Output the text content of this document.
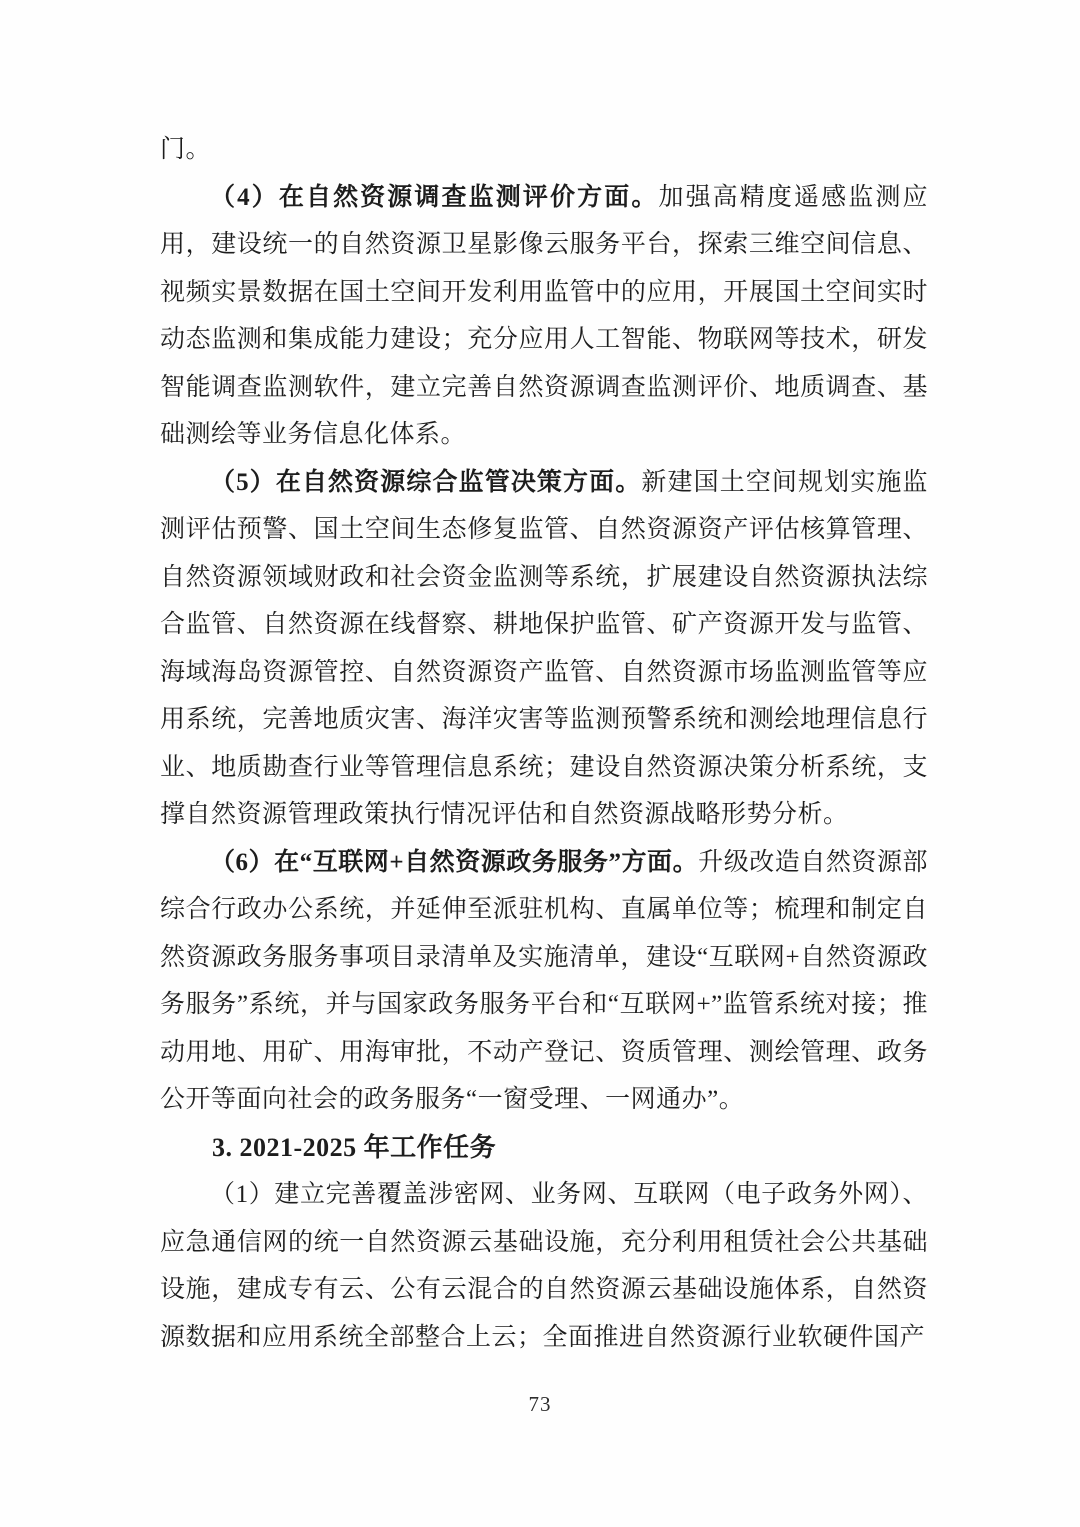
门。

（4）在自然资源调查监测评价方面。加强高精度遥感监测应用，建设统一的自然资源卫星影像云服务平台，探索三维空间信息、视频实景数据在国土空间开发利用监管中的应用，开展国土空间实时动态监测和集成能力建设；充分应用人工智能、物联网等技术，研发智能调查监测软件，建立完善自然资源调查监测评价、地质调查、基础测绘等业务信息化体系。

（5）在自然资源综合监管决策方面。新建国土空间规划实施监测评估预警、国土空间生态修复监管、自然资源资产评估核算管理、自然资源领域财政和社会资金监测等系统，扩展建设自然资源执法综合监管、自然资源在线督察、耕地保护监管、矿产资源开发与监管、海域海岛资源管控、自然资源资产监管、自然资源市场监测监管等应用系统，完善地质灾害、海洋灾害等监测预警系统和测绘地理信息行业、地质勘查行业等管理信息系统；建设自然资源决策分析系统，支撑自然资源管理政策执行情况评估和自然资源战略形势分析。

（6）在“互联网+自然资源政务服务”方面。升级改造自然资源部综合行政办公系统，并延伸至派驻机构、直属单位等；梳理和制定自然资源政务服务事项目录清单及实施清单，建设“互联网+自然资源政务服务”系统，并与国家政务服务平台和“互联网+”监管系统对接；推动用地、用矿、用海审批，不动产登记、资质管理、测绘管理、政务公开等面向社会的政务服务“一窗受理、一网通办”。

3. 2021-2025 年工作任务

（1）建立完善覆盖涉密网、业务网、互联网（电子政务外网）、应急通信网的统一自然资源云基础设施，充分利用租赁社会公共基础设施，建成专有云、公有云混合的自然资源云基础设施体系，自然资源数据和应用系统全部整合上云；全面推进自然资源行业软硬件国产

73
